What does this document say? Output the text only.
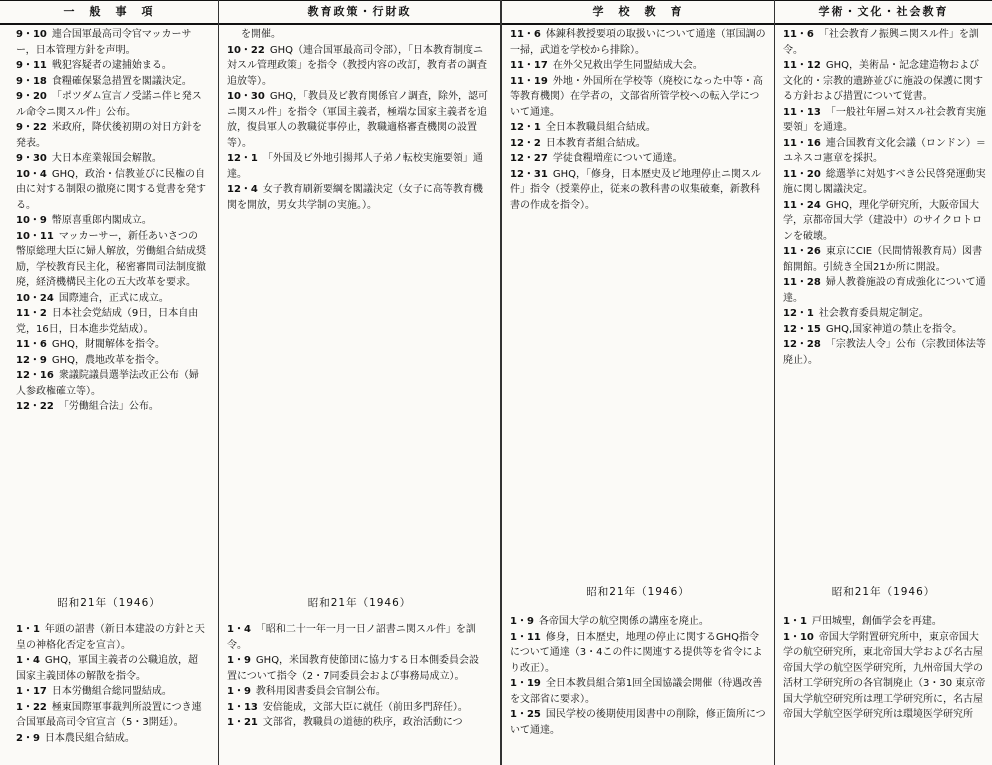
一　般　事　項

9・10 連合国軍最高司令官マッカーサー，日本管理方針を声明。

9・11 戦犯容疑者の逮捕始まる。

9・18 食糧確保緊急措置を閣議決定。

9・20 「ポツダム宣言ノ受諾ニ伴ヒ発スル命令ニ関スル件」公布。

9・22 米政府，降伏後初期の対日方針を発表。

9・30 大日本産業報国会解散。

10・4 GHQ，政治・信教並びに民権の自由に対する制限の撤廃に関する覚書を発する。

10・9 幣原喜重郎内閣成立。

10・11 マッカーサー，新任あいさつの幣原総理大臣に婦人解放，労働組合結成奨励，学校教育民主化，秘密審問司法制度撤廃，経済機構民主化の五大改革を要求。

10・24 国際連合，正式に成立。

11・2 日本社会党結成（9日，日本自由党，16日，日本進歩党結成）。

11・6 GHQ，財閥解体を指令。

12・9 GHQ，農地改革を指令。

12・16 衆議院議員選挙法改正公布（婦人参政権確立等）。

12・22 「労働組合法」公布。

昭和21年（1946）

1・1 年頭の詔書（新日本建設の方針と天皇の神格化否定を宣言）。

1・4 GHQ，軍国主義者の公職追放，超国家主義団体の解散を指令。

1・17 日本労働組合総同盟結成。

1・22 極東国際軍事裁判所設置につき連合国軍最高司令官宣言（5・3開廷）。

2・9 日本農民組合結成。

教育政策・行財政

を開催。

10・22 GHQ（連合国軍最高司令部），「日本教育制度ニ対スル管理政策」を指令（教授内容の改訂，教育者の調査追放等）。

10・30 GHQ，「教員及ビ教育関係官ノ調査，除外，認可ニ関スル件」を指令（軍国主義者，極端な国家主義者を追放，復員軍人の教職従事停止，教職適格審査機関の設置等）。

12・1 「外国及ビ外地引揚邦人子弟ノ転校実施要領」通達。

12・4 女子教育刷新要綱を閣議決定（女子に高等教育機関を開放，男女共学制の実施。）。

昭和21年（1946）

1・4 「昭和二十一年一月一日ノ詔書ニ関スル件」を訓令。

1・9 GHQ，米国教育使節団に協力する日本側委員会設置について指令（2・7同委員会および事務局成立）。

1・9 教科用図書委員会官制公布。

1・13 安倍能成，文部大臣に就任（前田多門辞任）。

1・21 文部省，教職員の道徳的秩序，政治活動につ

学　校　教　育

11・6 体錬科教授要項の取扱いについて通達（軍国調の一掃，武道を学校から排除）。

11・17 在外父兄救出学生同盟結成大会。

11・19 外地・外国所在学校等（廃校になった中等・高等教育機関）在学者の，文部省所管学校への転入学について通達。

12・1 全日本教職員組合結成。

12・2 日本教育者組合結成。

12・27 学徒食糧増産について通達。

12・31 GHQ，「修身，日本歴史及ビ地理停止ニ関スル件」指令（授業停止，従来の教科書の収集破棄，新教科書の作成を指令）。

昭和21年（1946）

1・9 各帝国大学の航空関係の講座を廃止。

1・11 修身，日本歴史，地理の停止に関するGHQ指令について通達（3・4この件に関連する提供等を省令により改正）。

1・19 全日本教員組合第1回全国協議会開催（待遇改善を文部省に要求）。

1・25 国民学校の後期使用図書中の削除，修正箇所について通達。

学術・文化・社会教育

11・6 「社会教育ノ振興ニ関スル件」を訓令。

11・12 GHQ，美術品・記念建造物および文化的・宗教的遺跡並びに施設の保護に関する方針および措置について覚書。

11・13 「一般社年層ニ対スル社会教育実施要領」を通達。

11・16 連合国教育文化会議（ロンドン）＝ユネスコ憲章を採択。

11・20 総選挙に対処すべき公民啓発運動実施に関し閣議決定。

11・24 GHQ，理化学研究所，大阪帝国大学，京都帝国大学（建設中）のサイクロトロンを破壊。

11・26 東京にCIE（民間情報教育局）図書館開館。引続き全国21か所に開設。

11・28 婦人教養施設の育成強化について通達。

12・1 社会教育委員規定制定。

12・15 GHQ,国家神道の禁止を指令。

12・28 「宗教法人令」公布（宗教団体法等廃止）。

昭和21年（1946）

1・1 戸田城聖，創価学会を再建。

1・10 帝国大学附置研究所中，東京帝国大学の航空研究所，東北帝国大学および名古屋帝国大学の航空医学研究所，九州帝国大学の活材工学研究所の各官制廃止（3・30 東京帝国大学航空研究所は理工学研究所に，名古屋帝国大学航空医学研究所は環境医学研究所
